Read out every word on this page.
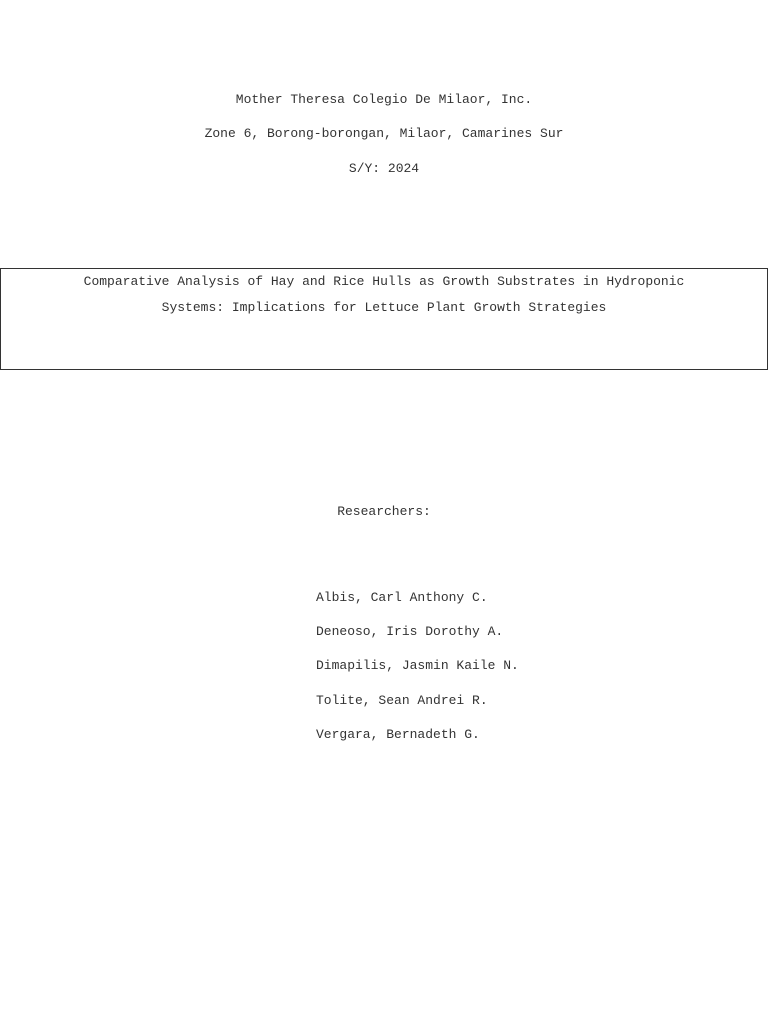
Mother Theresa Colegio De Milaor, Inc.
Zone 6, Borong-borongan, Milaor, Camarines Sur
S/Y: 2024
Comparative Analysis of Hay and Rice Hulls as Growth Substrates in Hydroponic
Systems: Implications for Lettuce Plant Growth Strategies
Researchers:
Albis, Carl Anthony C.
Deneoso, Iris Dorothy A.
Dimapilis, Jasmin Kaile N.
Tolite, Sean Andrei R.
Vergara, Bernadeth G.
